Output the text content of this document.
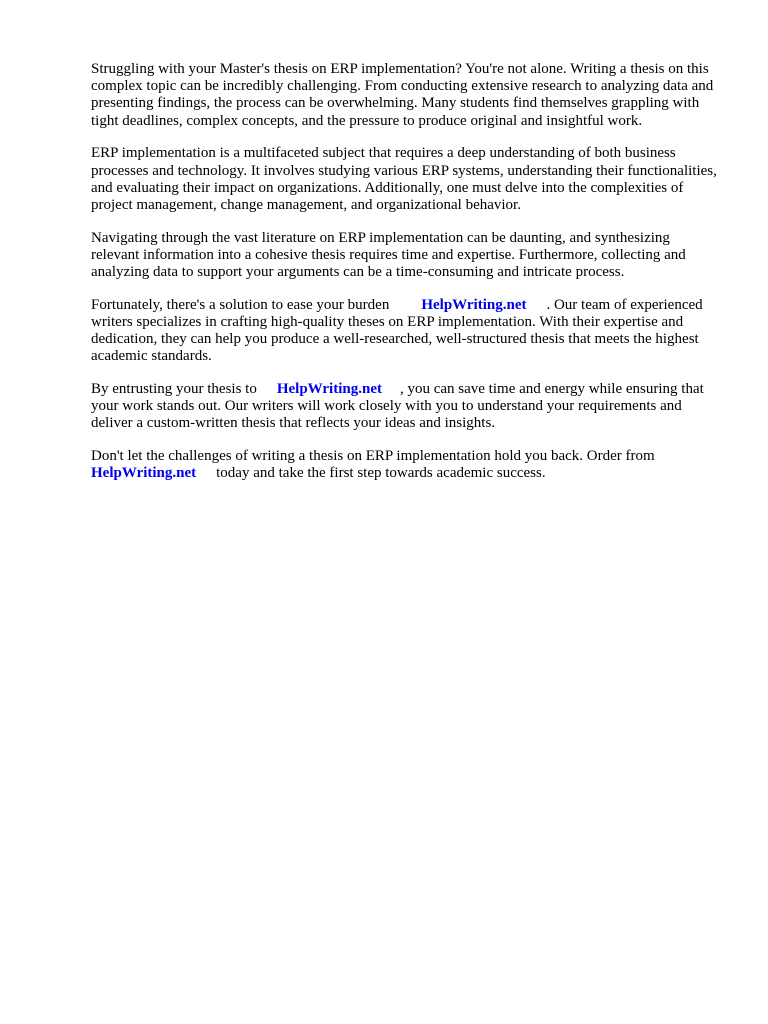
Struggling with your Master's thesis on ERP implementation? You're not alone. Writing a thesis on this complex topic can be incredibly challenging. From conducting extensive research to analyzing data and presenting findings, the process can be overwhelming. Many students find themselves grappling with tight deadlines, complex concepts, and the pressure to produce original and insightful work.

ERP implementation is a multifaceted subject that requires a deep understanding of both business processes and technology. It involves studying various ERP systems, understanding their functionalities, and evaluating their impact on organizations. Additionally, one must delve into the complexities of project management, change management, and organizational behavior.

Navigating through the vast literature on ERP implementation can be daunting, and synthesizing relevant information into a cohesive thesis requires time and expertise. Furthermore, collecting and analyzing data to support your arguments can be a time-consuming and intricate process.

Fortunately, there's a solution to ease your burden HelpWriting.net . Our team of experienced writers specializes in crafting high-quality theses on ERP implementation. With their expertise and dedication, they can help you produce a well-researched, well-structured thesis that meets the highest academic standards.

By entrusting your thesis to HelpWriting.net , you can save time and energy while ensuring that your work stands out. Our writers will work closely with you to understand your requirements and deliver a custom-written thesis that reflects your ideas and insights.

Don't let the challenges of writing a thesis on ERP implementation hold you back. Order fromHelpWriting.net today and take the first step towards academic success.
